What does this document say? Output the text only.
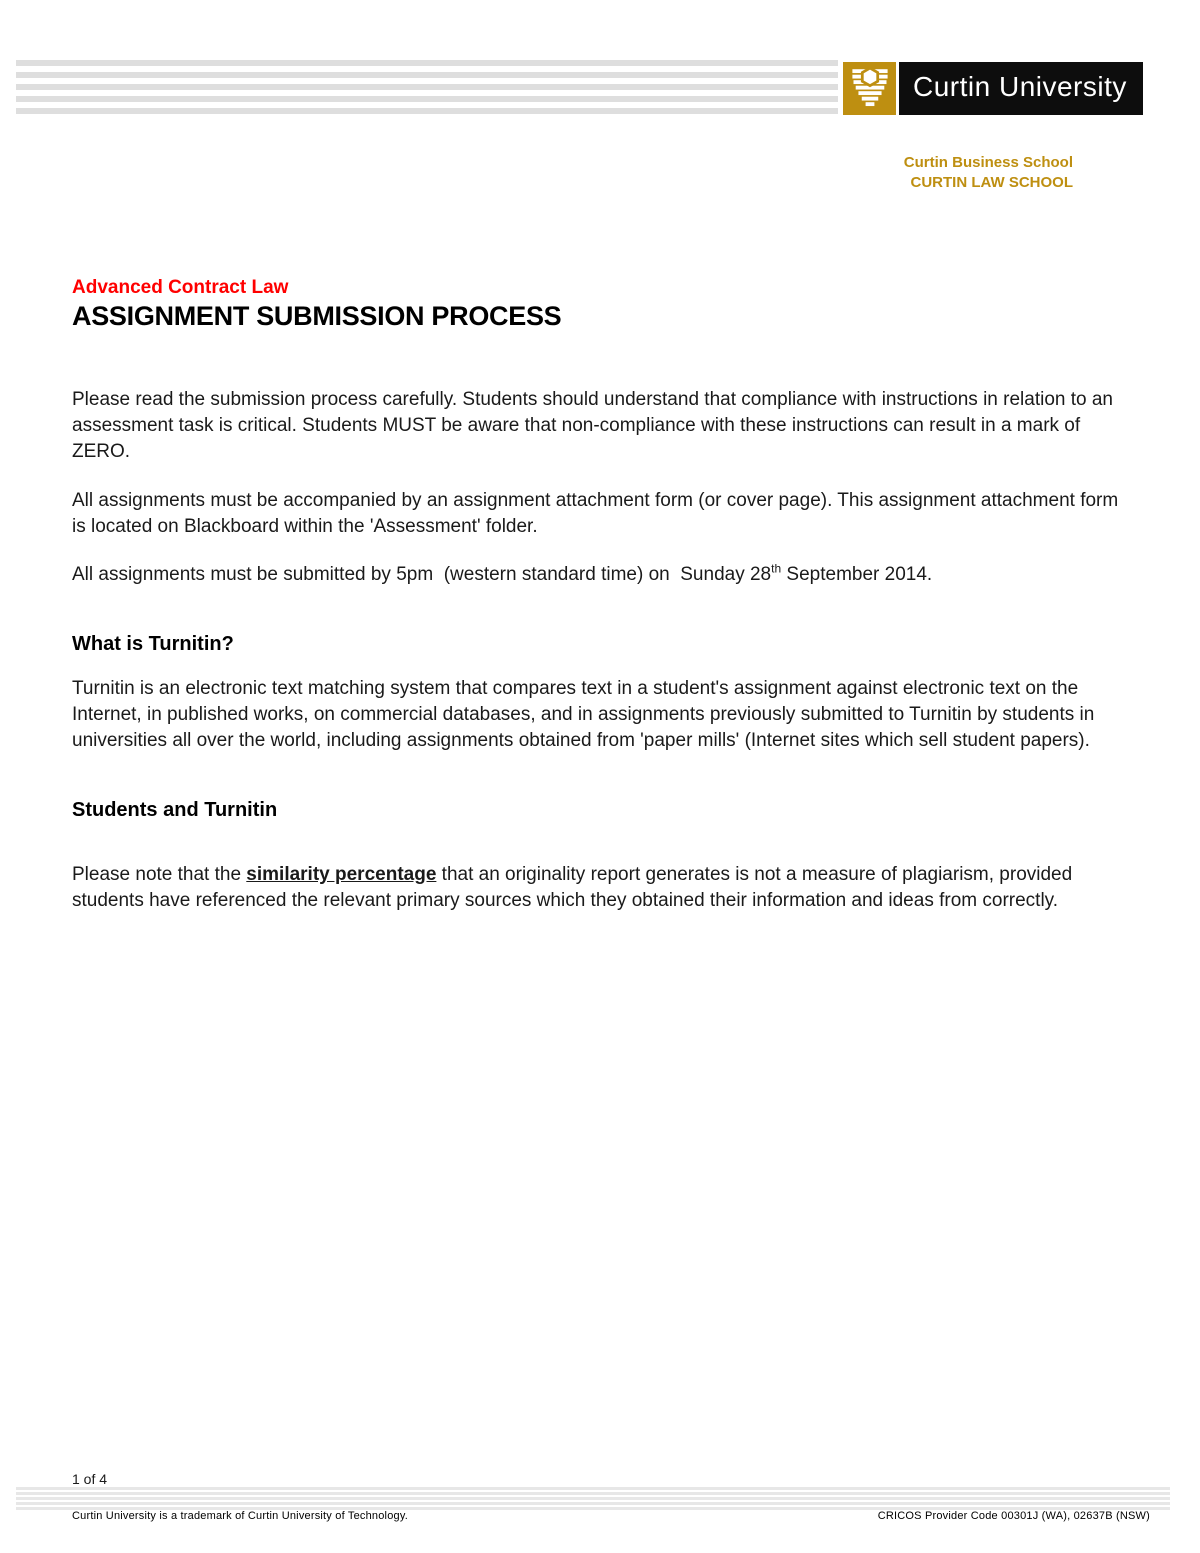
Curtin University
Curtin Business School
CURTIN LAW SCHOOL
Advanced Contract Law
ASSIGNMENT SUBMISSION PROCESS

Please read the submission process carefully. Students should understand that compliance with instructions in relation to an assessment task is critical. Students MUST be aware that non-compliance with these instructions can result in a mark of ZERO.

All assignments must be accompanied by an assignment attachment form (or cover page). This assignment attachment form is located on Blackboard within the 'Assessment' folder.

All assignments must be submitted by 5pm  (western standard time) on  Sunday 28th September 2014.

What is Turnitin?

Turnitin is an electronic text matching system that compares text in a student's assignment against electronic text on the Internet, in published works, on commercial databases, and in assignments previously submitted to Turnitin by students in universities all over the world, including assignments obtained from 'paper mills' (Internet sites which sell student papers).

Students and Turnitin

Please note that the similarity percentage that an originality report generates is not a measure of plagiarism, provided students have referenced the relevant primary sources which they obtained their information and ideas from correctly.

1 of 4
Curtin University is a trademark of Curtin University of Technology.	CRICOS Provider Code 00301J (WA), 02637B (NSW)
